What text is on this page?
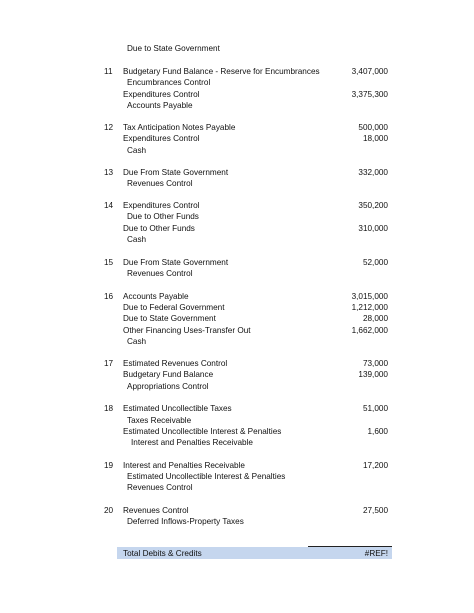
Due to State Government
11	Budgetary Fund Balance - Reserve for Encumbrances	3,407,000
Encumbrances Control
Expenditures Control	3,375,300
Accounts Payable
12	Tax Anticipation Notes Payable	500,000
Expenditures Control	18,000
Cash
13	Due From State Government	332,000
Revenues Control
14	Expenditures Control	350,200
Due to Other Funds
Due to Other Funds	310,000
Cash
15	Due From State Government	52,000
Revenues Control
16	Accounts Payable	3,015,000
Due to Federal Government	1,212,000
Due to State Government	28,000
Other Financing Uses-Transfer Out	1,662,000
Cash
17	Estimated Revenues Control	73,000
Budgetary Fund Balance	139,000
Appropriations Control
18	Estimated Uncollectible Taxes	51,000
Taxes Receivable
Estimated Uncollectible Interest & Penalties	1,600
Interest and Penalties Receivable
19	Interest and Penalties Receivable	17,200
Estimated Uncollectible Interest & Penalties
Revenues Control
20	Revenues Control	27,500
Deferred Inflows-Property Taxes
Total Debits & Credits	#REF!
